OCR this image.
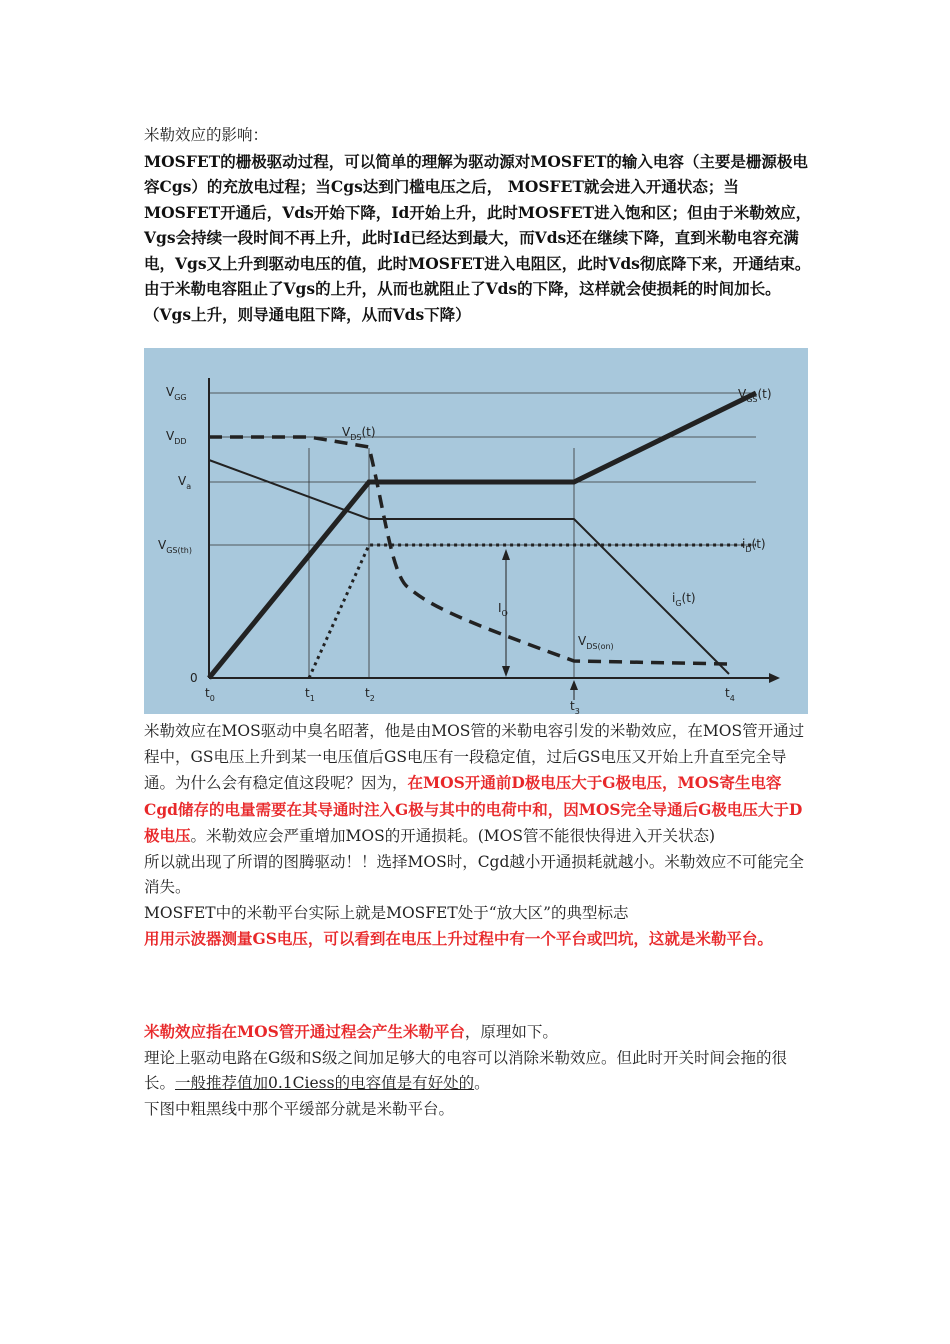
米勒效应的影响：

MOSFET的栅极驱动过程，可以简单的理解为驱动源对MOSFET的输入电容（主要是栅源极电容Cgs）的充放电过程；当Cgs达到门槛电压之后， MOSFET就会进入开通状态；当MOSFET开通后，Vds开始下降，Id开始上升，此时MOSFET进入饱和区；但由于米勒效应，Vgs会持续一段时间不再上升，此时Id已经达到最大，而Vds还在继续下降，直到米勒电容充满电，Vgs又上升到驱动电压的值，此时MOSFET进入电阻区，此时Vds彻底降下来，开通结束。

由于米勒电容阻止了Vgs的上升，从而也就阻止了Vds的下降，这样就会使损耗的时间加长。（Vgs上升，则导通电阻下降，从而Vds下降）

$V_{GG}$
$V_{DD}$
$V_a$
$V_{GS(th)}$
0
$t_0$	$t_1$	$t_2$
$t_3$
$t_4$
$V_{GS}(t)$
$V_{DS}(t)$
$i_D(t)$
$i_G(t)$
$I_O$
$V_{DS(on)}$

米勒效应在MOS驱动中臭名昭著，他是由MOS管的米勒电容引发的米勒效应，在MOS管开通过程中，GS电压上升到某一电压值后GS电压有一段稳定值，过后GS电压又开始上升直至完全导通。为什么会有稳定值这段呢？因为，在MOS开通前D极电压大于G极电压，MOS寄生电容Cgd储存的电量需要在其导通时注入G极与其中的电荷中和，因MOS完全导通后G极电压大于D极电压。米勒效应会严重增加MOS的开通损耗。(MOS管不能很快得进入开关状态)

所以就出现了所谓的图腾驱动！！选择MOS时，Cgd越小开通损耗就越小。米勒效应不可能完全消失。

MOSFET中的米勒平台实际上就是MOSFET处于“放大区”的典型标志

用用示波器测量GS电压，可以看到在电压上升过程中有一个平台或凹坑，这就是米勒平台。

米勒效应指在MOS管开通过程会产生米勒平台，原理如下。

理论上驱动电路在G级和S级之间加足够大的电容可以消除米勒效应。但此时开关时间会拖的很长。一般推荐值加0.1Ciess的电容值是有好处的。

下图中粗黑线中那个平缓部分就是米勒平台。
